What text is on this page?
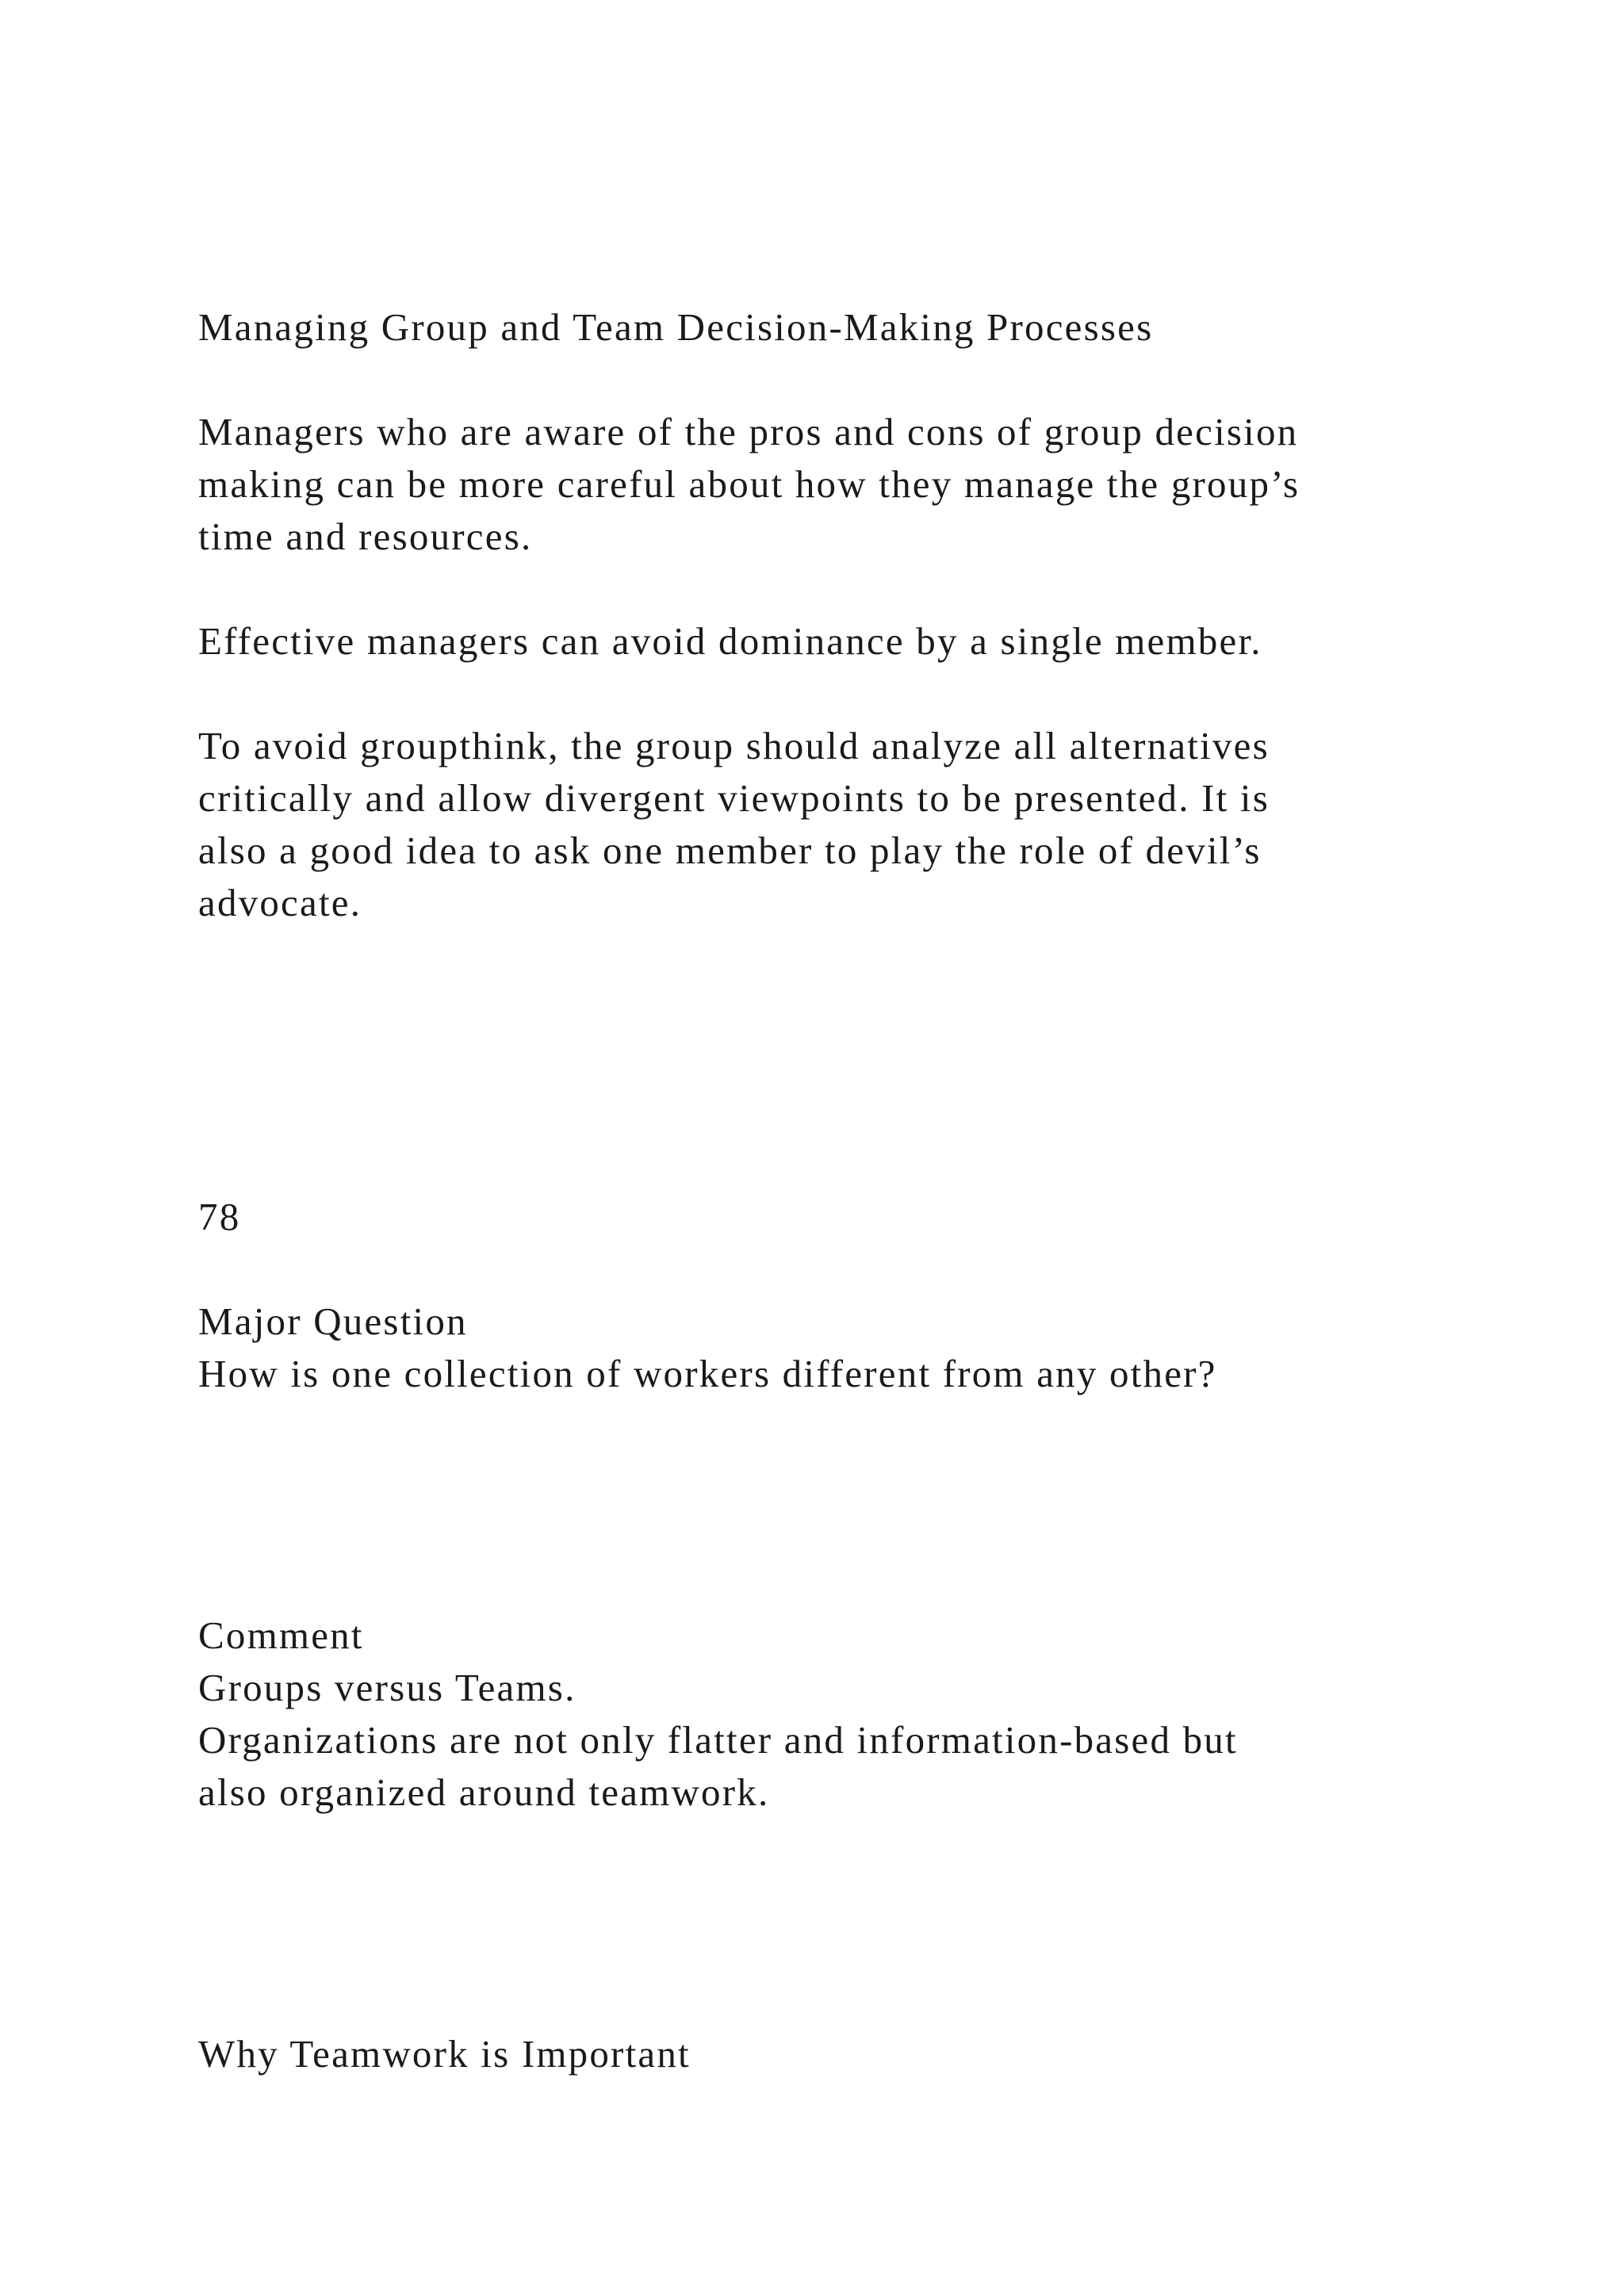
Managing Group and Team Decision-Making Processes

Managers who are aware of the pros and cons of group decision

making can be more careful about how they manage the group’s

time and resources.

Effective managers can avoid dominance by a single member.

To avoid groupthink, the group should analyze all alternatives

critically and allow divergent viewpoints to be presented. It is

also a good idea to ask one member to play the role of devil’s

advocate.

78

Major Question

How is one collection of workers different from any other?

Comment

Groups versus Teams.

Organizations are not only flatter and information-based but

also organized around teamwork.

Why Teamwork is Important
